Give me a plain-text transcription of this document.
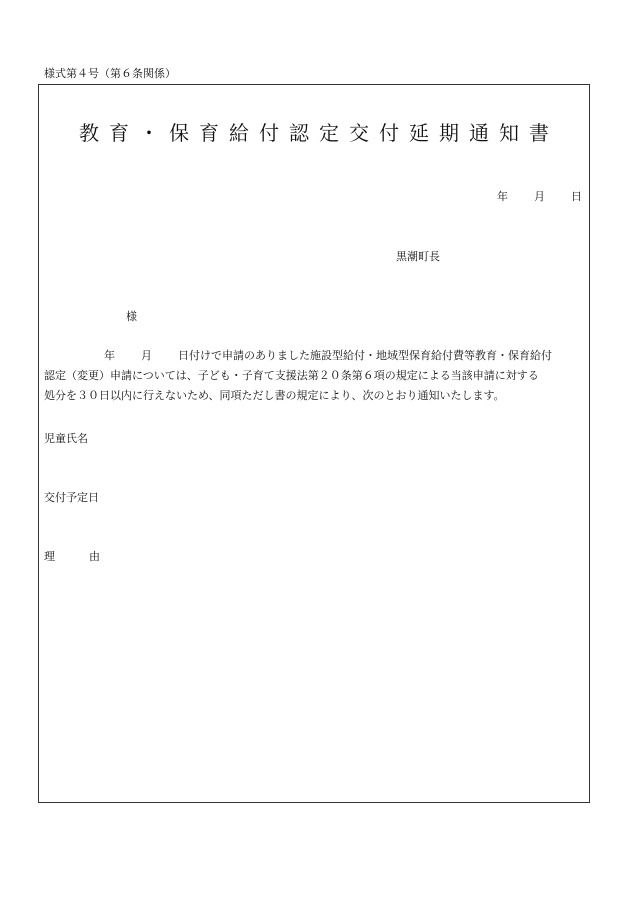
様式第４号（第６条関係）
教育・保育給付認定交付延期通知書
年 月 日
黒潮町長
様
年 月 日付けで申請のありました施設型給付・地域型保育給付費等教育・保育給付
認定（変更）申請については、子ども・子育て支援法第２０条第６項の規定による当該申請に対する
処分を３０日以内に行えないため、同項ただし書の規定により、次のとおり通知いたします。
児童氏名
交付予定日
理	由
